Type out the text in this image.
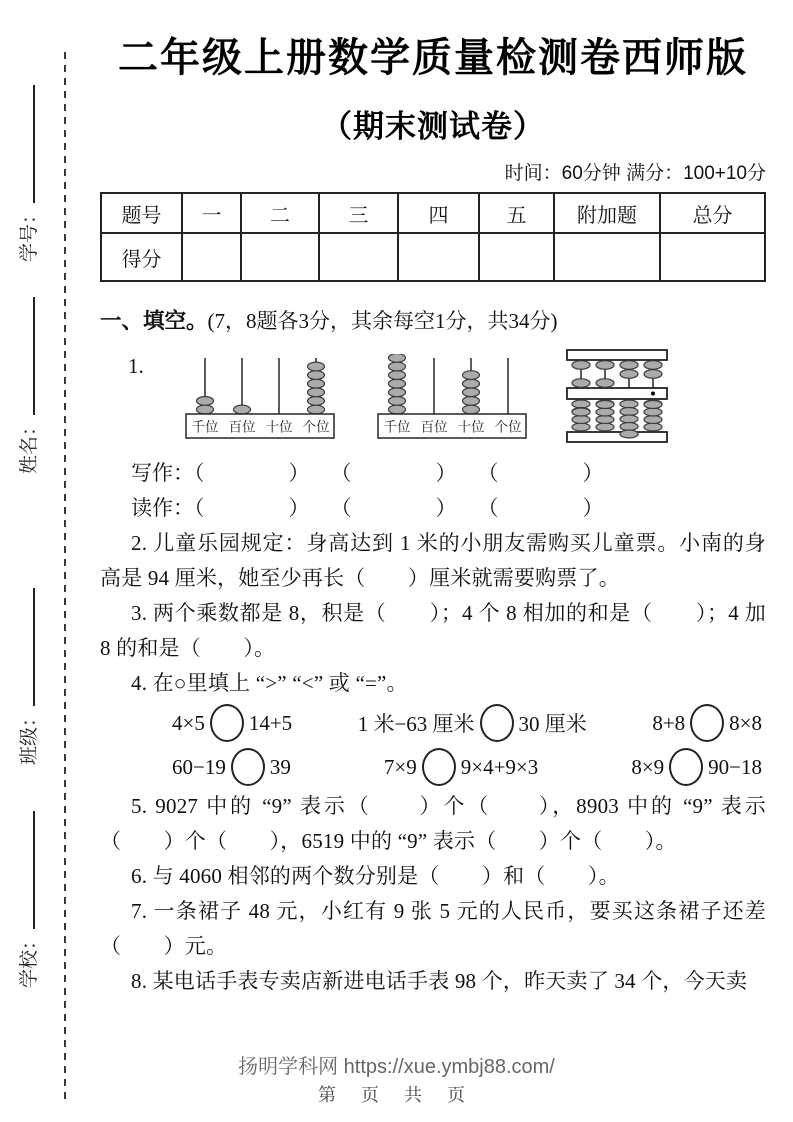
学号：
姓名：
班级：
学校：
二年级上册数学质量检测卷西师版
（期末测试卷）
时间：60分钟 满分：100+10分
题号	一	二	三	四	五	附加题	总分
得分							
一、填空。(7，8题各3分，其余每空1分，共34分)
1.
千位 百位 十位 个位	千位 百位 十位 个位
写作：（　　　　）　　（　　　　）　　（　　　　）
读作：（　　　　）　　（　　　　）　　（　　　　）

2. 儿童乐园规定：身高达到 1 米的小朋友需购买儿童票。小南的身高是 94 厘米，她至少再长（　　）厘米就需要购票了。

3. 两个乘数都是 8，积是（　　）；4 个 8 相加的和是（　　）；4 加 8 的和是（　　）。

4. 在○里填上 “>” “<” 或 “=”。

4×5 14+5	1 米−63 厘米 30 厘米	8+8 8×8
60−19 39	7×9 9×4+9×3	8×9 90−18

5. 9027 中的 “9” 表示（　　）个（　　），8903 中的 “9” 表示（　　）个（　　），6519 中的 “9” 表示（　　）个（　　）。

6. 与 4060 相邻的两个数分别是（　　）和（　　）。

7. 一条裙子 48 元，小红有 9 张 5 元的人民币，要买这条裙子还差（　　）元。

8. 某电话手表专卖店新进电话手表 98 个，昨天卖了 34 个，今天卖

扬明学科网 https://xue.ymbj88.com/
第 页 共 页
